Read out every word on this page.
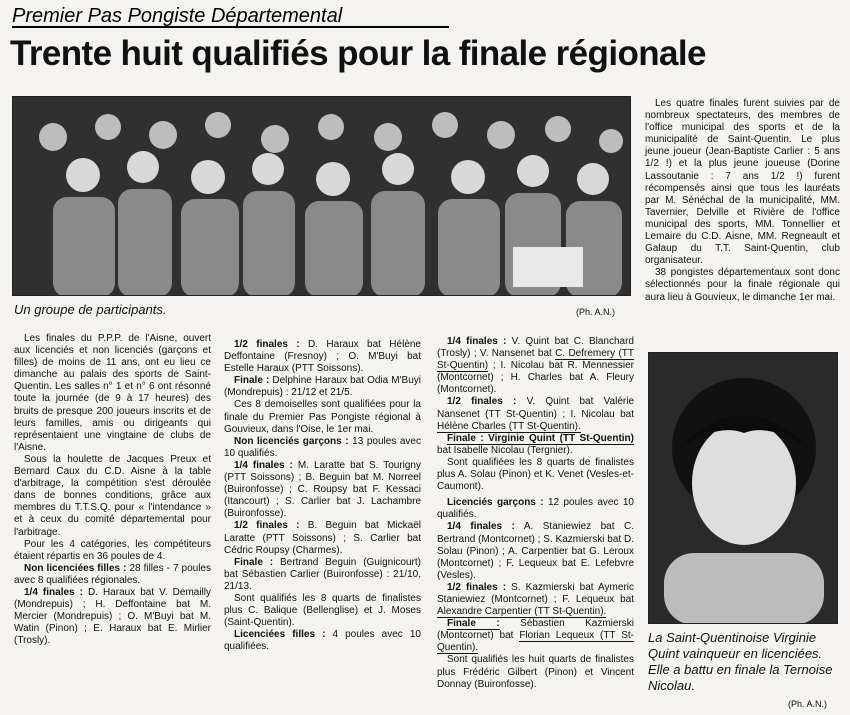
Premier Pas Pongiste Départemental
Trente huit qualifiés pour la finale régionale
Un groupe de participants.	(Ph. A.N.)
La Saint-Quentinoise Virginie Quint vainqueur en licenciées. Elle a battu en finale la Ternoise Nicolau.
(Ph. A.N.)

Les finales du P.P.P. de l'Aisne, ouvert aux licenciés et non licenciés (garçons et filles) de moins de 11 ans, ont eu lieu ce dimanche au palais des sports de Saint-Quentin. Les salles n° 1 et n° 6 ont résonné toute la journée (de 9 à 17 heures) des bruits de presque 200 joueurs inscrits et de leurs familles, amis ou dirigeants qui représentaient une vingtaine de clubs de l'Aisne.

Sous la houlette de Jacques Preux et Bernard Caux du C.D. Aisne à la table d'arbitrage, la compétition s'est déroulée dans de bonnes conditions, grâce aux membres du T.T.S.Q. pour « l'intendance » et à ceux du comité départemental pour l'arbitrage.

Pour les 4 catégories, les compétiteurs étaient répartis en 36 poules de 4.

Non licenciées filles : 28 filles - 7 poules avec 8 qualifiées régionales.

1/4 finales : D. Haraux bat V. Demailly (Mondrepuis) ; H. Deffontaine bat M. Mercier (Mondrepuis) ; O. M'Buyi bat M. Watin (Pinon) ; E. Haraux bat E. Mirlier (Trosly).

1/2 finales : D. Haraux bat Hélène Deffontaine (Fresnoy) ; O. M'Buyi bat Estelle Haraux (PTT Soissons).

Finale : Delphine Haraux bat Odia M'Buyi (Mondrepuis) : 21/12 et 21/5.

Ces 8 demoiselles sont qualifiées pour la finale du Premier Pas Pongiste régional à Gouvieux, dans l'Oise, le 1er mai.

Non licenciés garçons : 13 poules avec 10 qualifiés.

1/4 finales : M. Laratte bat S. Tourigny (PTT Soissons) ; B. Beguin bat M. Norreel (Buironfosse) ; C. Roupsy bat F. Kessaci (Itancourt) ; S. Carlier bat J. Lachambre (Buironfosse).

1/2 finales : B. Beguin bat Mickaël Laratte (PTT Soissons) ; S. Carlier bat Cédric Roupsy (Charmes).

Finale : Bertrand Beguin (Guignicourt) bat Sébastien Carlier (Buironfosse) : 21/10, 21/13.

Sont qualifiés les 8 quarts de finalistes plus C. Balique (Bellenglise) et J. Moses (Saint-Quentin).

Licenciées filles : 4 poules avec 10 qualifiées.

1/4 finales : V. Quint bat C. Blanchard (Trosly) ; V. Nansenet bat C. Defremery (TT St-Quentin) ; I. Nicolau bat R. Mennessier (Montcornet) ; H. Charles bat A. Fleury (Montcornet).

1/2 finales : V. Quint bat Valérie Nansenet (TT St-Quentin) ; I. Nicolau bat Hélène Charles (TT St-Quentin).

Finale : Virginie Quint (TT St-Quentin) bat Isabelle Nicolau (Tergnier).

Sont qualifiées les 8 quarts de finalistes plus A. Solau (Pinon) et K. Venet (Vesles-et-Caumont).

Licenciés garçons : 12 poules avec 10 qualifiés.

1/4 finales : A. Staniewiez bat C. Bertrand (Montcornet) ; S. Kazmierski bat D. Solau (Pinon) ; A. Carpentier bat G. Leroux (Montcornet) ; F. Lequeux bat E. Lefebvre (Vesles).

1/2 finales : S. Kazmierski bat Aymeric Staniewiez (Montcornet) ; F. Lequeux bat Alexandre Carpentier (TT St-Quentin).

Finale : Sébastien Kazmierski (Montcornet) bat Florian Lequeux (TT St-Quentin).

Sont qualifiés les huit quarts de finalistes plus Frédéric Gilbert (Pinon) et Vincent Donnay (Buironfosse).

Les quatre finales furent suivies par de nombreux spectateurs, des membres de l'office municipal des sports et de la municipalité de Saint-Quentin. Le plus jeune joueur (Jean-Baptiste Carlier : 5 ans 1/2 !) et la plus jeune joueuse (Dorine Lassoutanie : 7 ans 1/2 !) furent récompensés ainsi que tous les lauréats par M. Sénéchal de la municipalité, MM. Tavernier, Delville et Rivière de l'office municipal des sports, MM. Tonnellier et Lemaire du C.D. Aisne, MM. Regneault et Galaup du T.T. Saint-Quentin, club organisateur.

38 pongistes départementaux sont donc sélectionnés pour la finale régionale qui aura lieu à Gouvieux, le dimanche 1er mai.
